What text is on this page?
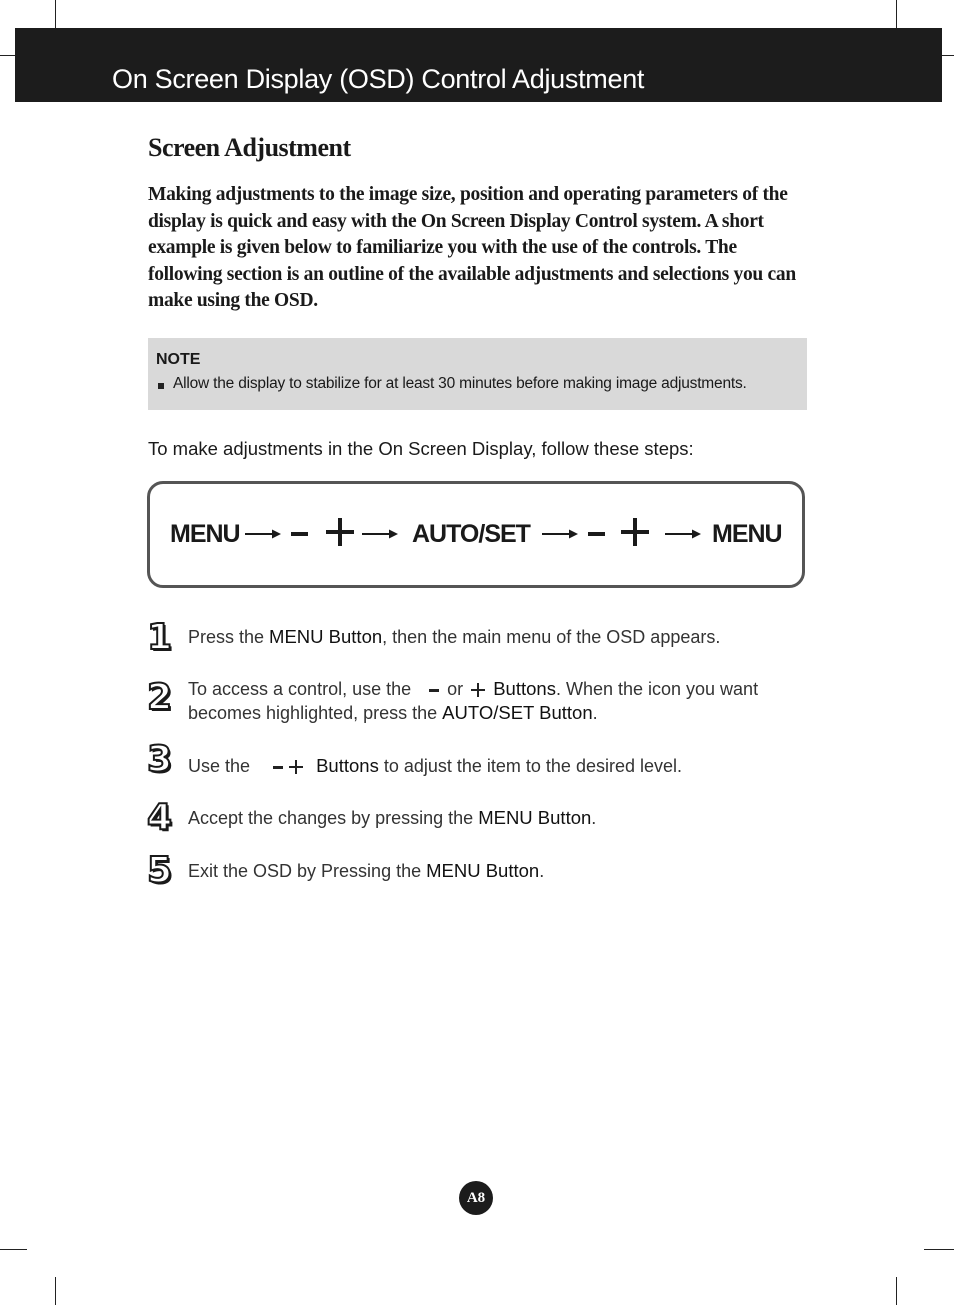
On Screen Display (OSD) Control Adjustment
Screen Adjustment

Making adjustments to the image size, position and operating parameters of the display is quick and easy with the On Screen Display Control system. A short example is given below to familiarize you with the use of the controls. The following section is an outline of the available adjustments and selections you can make using the OSD.

NOTE
Allow the display to stabilize for at least 30 minutes before making image adjustments.

To make adjustments in the On Screen Display, follow these steps:

MENU	AUTO/SET	MENU
1 Press the MENU Button, then the main menu of the OSD appears.
2 To access a control, use the    or Buttons. When the icon you want
becomes highlighted, press the AUTO/SET Button.
3 Use the	Buttons to adjust the item to the desired level.
4 Accept the changes by pressing the MENU Button.
5 Exit the OSD by Pressing the MENU Button.
A8
